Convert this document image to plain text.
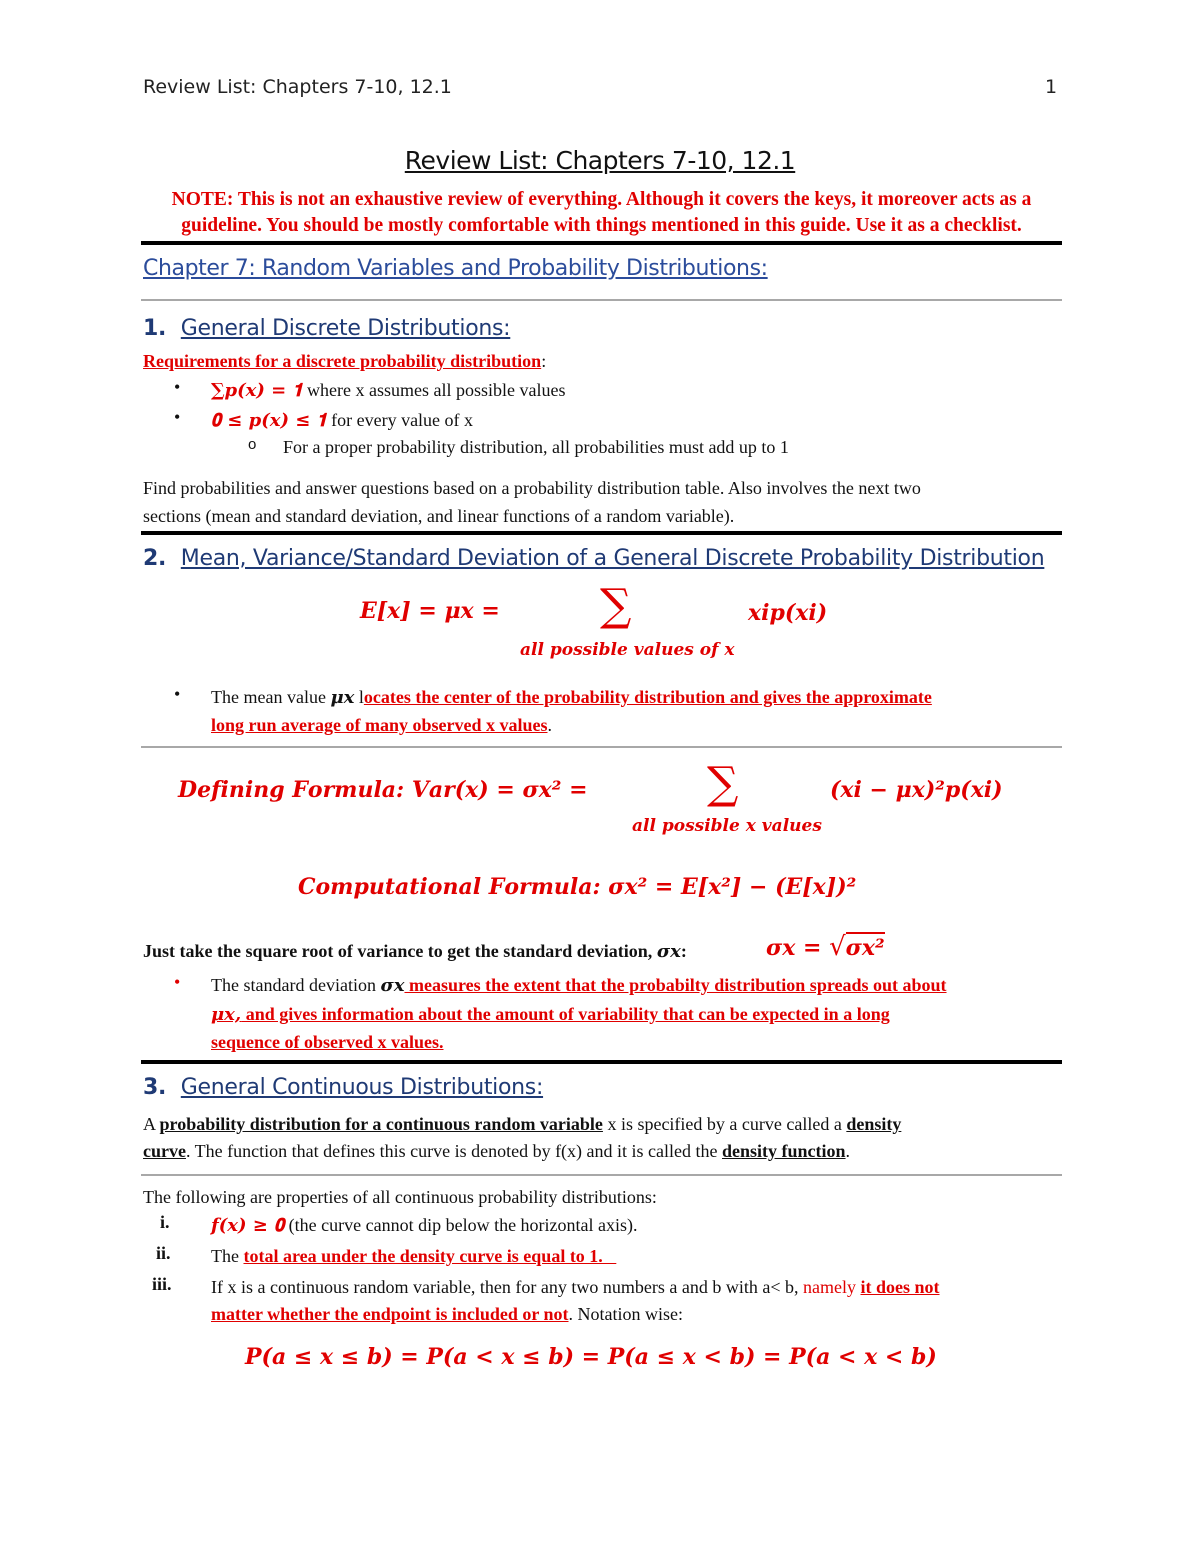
Review List: Chapters 7-10, 12.1	1
Review List: Chapters 7-10, 12.1
NOTE: This is not an exhaustive review of everything. Although it covers the keys, it moreover acts as a
guideline. You should be mostly comfortable with things mentioned in this guide. Use it as a checklist.
Chapter 7: Random Variables and Probability Distributions:
1. General Discrete Distributions:
Requirements for a discrete probability distribution:
• ∑𝒑(𝒙) = 𝟏 where x assumes all possible values
• 𝟎 ≤ 𝒑(𝒙) ≤ 𝟏 for every value of x
o For a proper probability distribution, all probabilities must add up to 1
Find probabilities and answer questions based on a probability distribution table. Also involves the next two
sections (mean and standard deviation, and linear functions of a random variable).
2. Mean, Variance/Standard Deviation of a General Discrete Probability Distribution
𝑬[𝒙] = 𝝁𝒙 = ∑	𝒙𝒊𝒑(𝒙𝒊)
𝒂𝒍𝒍 𝒑𝒐𝒔𝒔𝒊𝒃𝒍𝒆 𝒗𝒂𝒍𝒖𝒆𝒔 𝒐𝒇 𝒙
• The mean value 𝝁𝒙 locates the center of the probability distribution and gives the approximate
long run average of many observed x values.
𝑫𝒆𝒇𝒊𝒏𝒊𝒏𝒈 𝑭𝒐𝒓𝒎𝒖𝒍𝒂: 𝑽𝒂𝒓(𝒙) = 𝝈𝒙² =	∑	(𝒙𝒊 − 𝝁𝒙)²𝒑(𝒙𝒊)
𝒂𝒍𝒍 𝒑𝒐𝒔𝒔𝒊𝒃𝒍𝒆 𝒙 𝒗𝒂𝒍𝒖𝒆𝒔
𝑪𝒐𝒎𝒑𝒖𝒕𝒂𝒕𝒊𝒐𝒏𝒂𝒍 𝑭𝒐𝒓𝒎𝒖𝒍𝒂: 𝝈𝒙² = 𝑬[𝒙²] − (𝑬[𝒙])²
Just take the square root of variance to get the standard deviation, 𝝈𝒙:	𝝈𝒙 = √𝝈𝒙²
• The standard deviation 𝝈𝒙 measures the extent that the probabilty distribution spreads out about
𝝁𝒙, and gives information about the amount of variability that can be expected in a long
sequence of observed x values.
3. General Continuous Distributions:
A probability distribution for a continuous random variable x is specified by a curve called a density
curve. The function that defines this curve is denoted by f(x) and it is called the density function.
The following are properties of all continuous probability distributions:
i. 𝒇(𝒙) ≥ 𝟎 (the curve cannot dip below the horizontal axis).
ii. The total area under the density curve is equal to 1.
iii. If x is a continuous random variable, then for any two numbers a and b with a< b, namely it does not
matter whether the endpoint is included or not. Notation wise:
𝑷(𝒂 ≤ 𝒙 ≤ 𝒃) = 𝑷(𝒂 < 𝒙 ≤ 𝒃) = 𝑷(𝒂 ≤ 𝒙 < 𝒃) = 𝑷(𝒂 < 𝒙 < 𝒃)
